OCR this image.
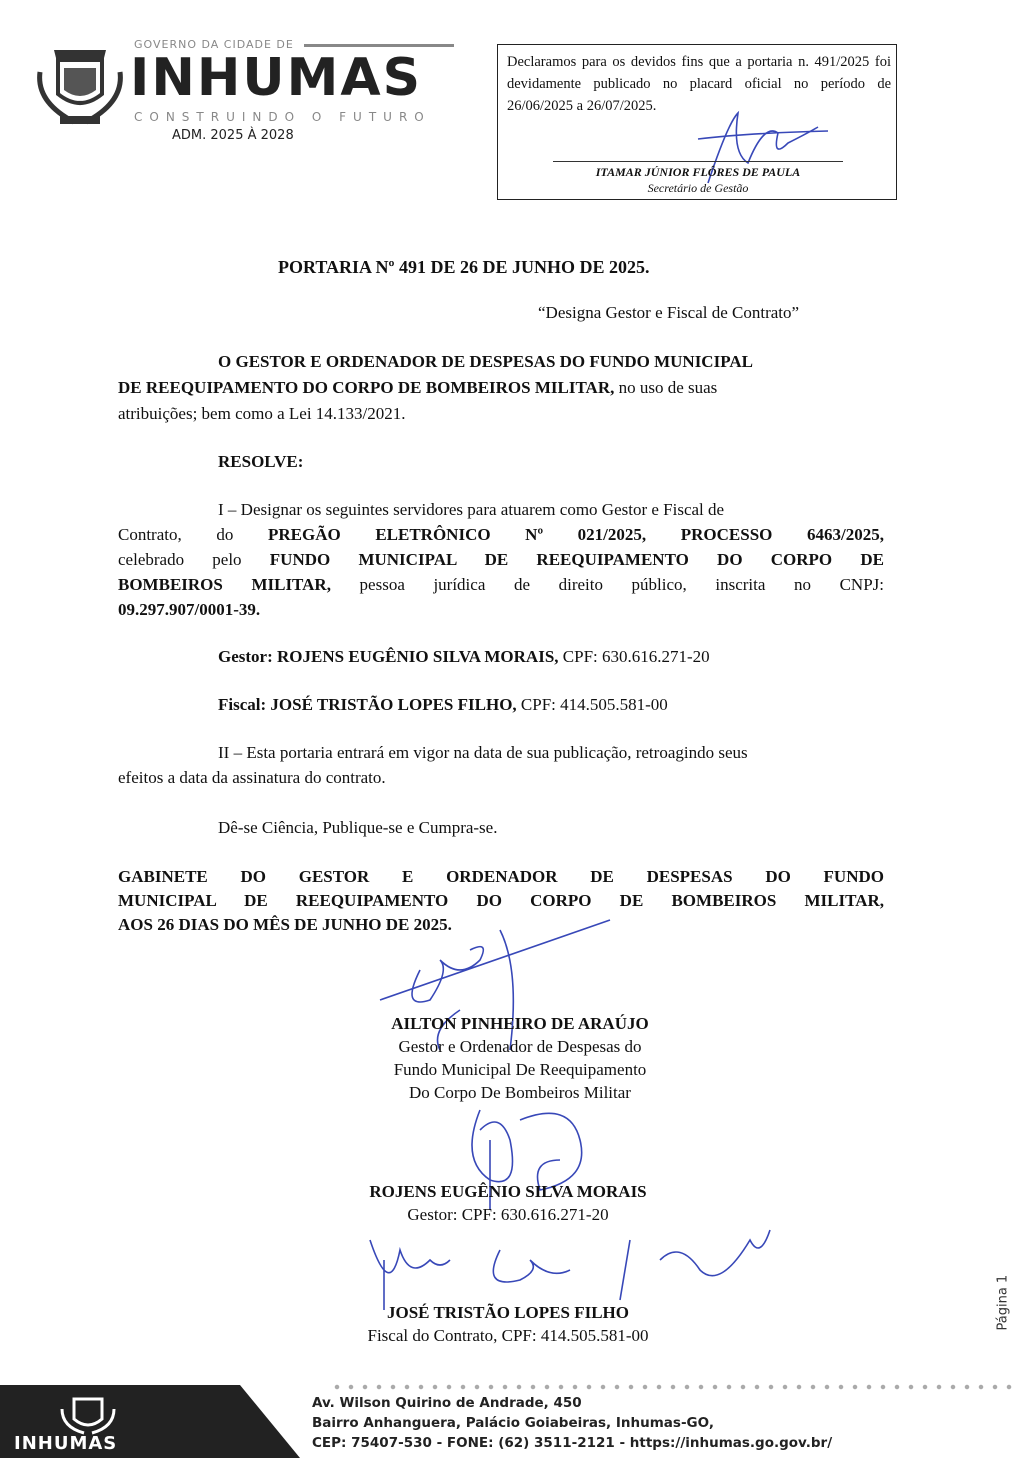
GOVERNO DA CIDADE DE
INHUMAS
CONSTRUINDO O FUTURO
ADM. 2025 À 2028
Declaramos para os devidos fins que a portaria n. 491/2025 foi devidamente publicado no placard oficial no período de 26/06/2025 a 26/07/2025.
ITAMAR JÚNIOR FLÔRES DE PAULA
Secretário de Gestão

PORTARIA Nº 491 DE 26 DE JUNHO DE 2025.

“Designa Gestor e Fiscal de Contrato”

O GESTOR E ORDENADOR DE DESPESAS DO FUNDO MUNICIPAL

DE REEQUIPAMENTO DO CORPO DE BOMBEIROS MILITAR, no uso de suas

atribuições; bem como a Lei 14.133/2021.

RESOLVE:

I – Designar os seguintes servidores para atuarem como Gestor e Fiscal de

Contrato, do PREGÃO ELETRÔNICO Nº 021/2025, PROCESSO 6463/2025,

celebrado pelo FUNDO MUNICIPAL DE REEQUIPAMENTO DO CORPO DE

BOMBEIROS MILITAR, pessoa jurídica de direito público, inscrita no CNPJ:

09.297.907/0001-39.

Gestor: ROJENS EUGÊNIO SILVA MORAIS, CPF: 630.616.271-20

Fiscal: JOSÉ TRISTÃO LOPES FILHO, CPF: 414.505.581-00

II – Esta portaria entrará em vigor na data de sua publicação, retroagindo seus

efeitos a data da assinatura do contrato.

Dê-se Ciência, Publique-se e Cumpra-se.

GABINETE DO GESTOR E ORDENADOR DE DESPESAS DO FUNDO

MUNICIPAL DE REEQUIPAMENTO DO CORPO DE BOMBEIROS MILITAR,

AOS 26 DIAS DO MÊS DE JUNHO DE 2025.

AILTON PINHEIRO DE ARAÚJO
Gestor e Ordenador de Despesas do
Fundo Municipal De Reequipamento
Do Corpo De Bombeiros Militar
ROJENS EUGÊNIO SILVA MORAIS
Gestor: CPF: 630.616.271-20
JOSÉ TRISTÃO LOPES FILHO
Fiscal do Contrato, CPF: 414.505.581-00
Página 1
INHUMAS
Av. Wilson Quirino de Andrade, 450
Bairro Anhanguera, Palácio Goiabeiras, Inhumas-GO,
CEP: 75407-530 - FONE: (62) 3511-2121 - https://inhumas.go.gov.br/
